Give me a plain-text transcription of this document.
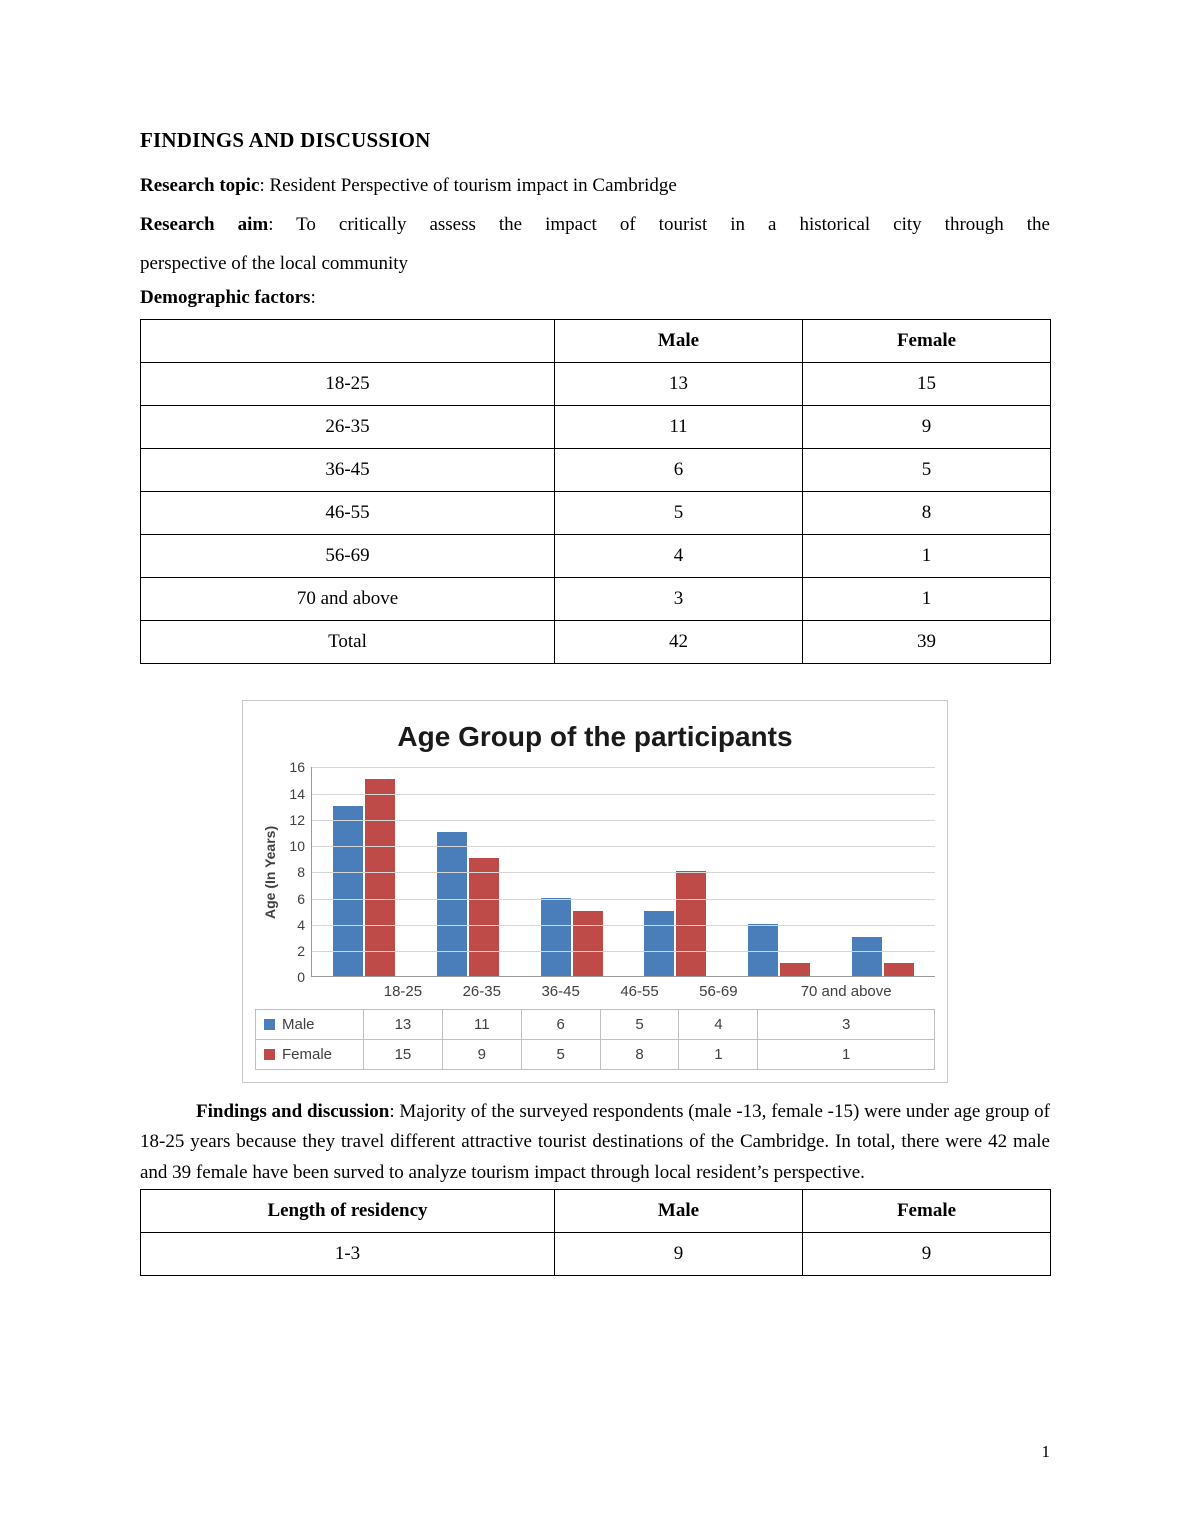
FINDINGS AND DISCUSSION

Research topic: Resident Perspective of tourism impact in Cambridge

Research aim: To critically assess the impact of tourist in a historical city through the

perspective of the local community

Demographic factors:

	Male	Female
18-25	13	15
26-35	11	9
36-45	6	5
46-55	5	8
56-69	4	1
70 and above	3	1
Total	42	39
Age Group of the participants
Age (In Years)
0
2
4
6
8
10
12
14
16
	18-25	26-35	36-45	46-55	56-69	70 and above
Male	13	11	6	5	4	3
Female	15	9	5	8	1	1

Findings and discussion: Majority of the surveyed respondents (male -13, female -15) were under age group of 18-25 years because they travel different attractive tourist destinations of the Cambridge. In total, there were 42 male and 39 female have been surved to analyze tourism impact through local resident’s perspective.

Length of residency	Male	Female
1-3	9	9
1
